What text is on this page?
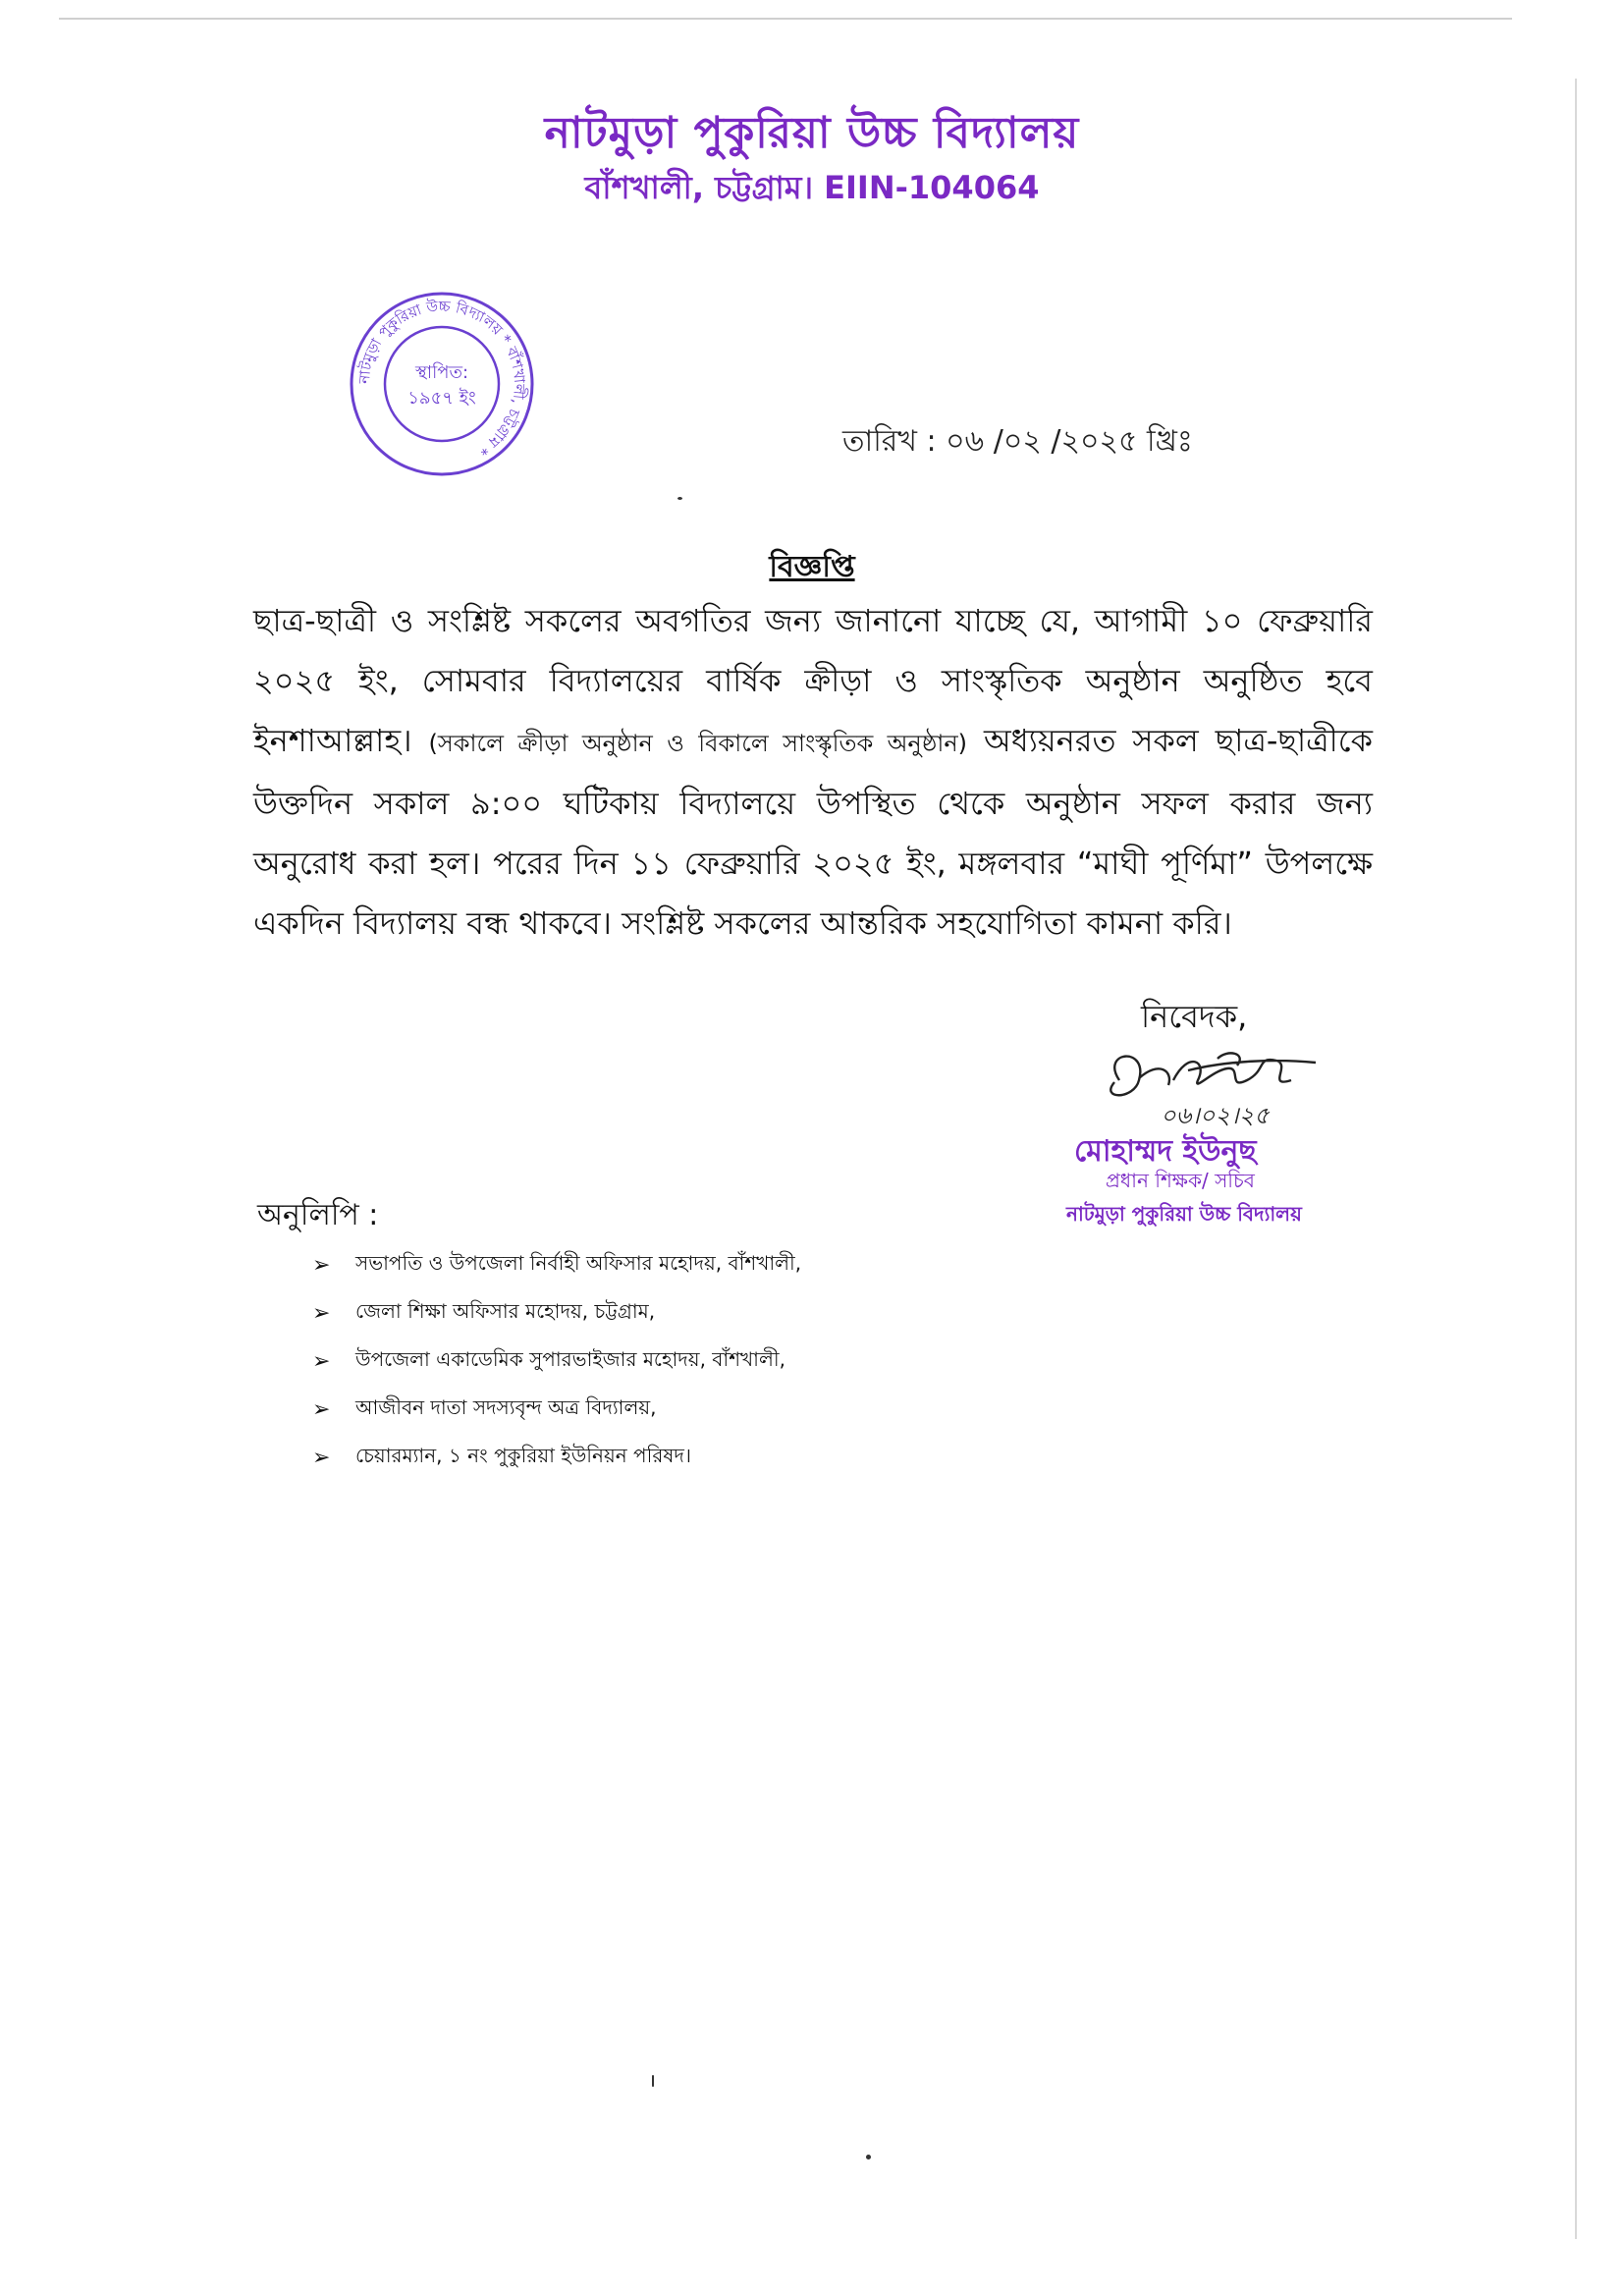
নাটমুড়া পুকুরিয়া উচ্চ বিদ্যালয়
বাঁশখালী, চট্টগ্রাম। EIIN-104064
নাটমুড়া পুকুরিয়া উচ্চ বিদ্যালয় * বাঁশখালী, চট্টগ্রাম *
স্থাপিত:
১৯৫৭ ইং
তারিখ : ০৬ /০২ /২০২৫ খ্রিঃ
বিজ্ঞপ্তি
ছাত্র-ছাত্রী ও সংশ্লিষ্ট সকলের অবগতির জন্য জানানো যাচ্ছে যে, আগামী ১০ ফেব্রুয়ারি ২০২৫ ইং, সোমবার বিদ্যালয়ের বার্ষিক ক্রীড়া ও সাংস্কৃতিক অনুষ্ঠান অনুষ্ঠিত হবে ইনশাআল্লাহ। (সকালে ক্রীড়া অনুষ্ঠান ও বিকালে সাংস্কৃতিক অনুষ্ঠান) অধ্যয়নরত সকল ছাত্র-ছাত্রীকে উক্তদিন সকাল ৯:০০ ঘটিকায় বিদ্যালয়ে উপস্থিত থেকে অনুষ্ঠান সফল করার জন্য অনুরোধ করা হল। পরের দিন ১১ ফেব্রুয়ারি ২০২৫ ইং, মঙ্গলবার “মাঘী পূর্ণিমা” উপলক্ষে একদিন বিদ্যালয় বন্ধ থাকবে। সংশ্লিষ্ট সকলের আন্তরিক সহযোগিতা কামনা করি।
নিবেদক,
০৬।০২।২৫
মোহাম্মদ ইউনুছ
প্রধান শিক্ষক/ সচিব
নাটমুড়া পুকুরিয়া উচ্চ বিদ্যালয়
অনুলিপি :
➢	সভাপতি ও উপজেলা নির্বাহী অফিসার মহোদয়, বাঁশখালী,
➢	জেলা শিক্ষা অফিসার মহোদয়, চট্টগ্রাম,
➢	উপজেলা একাডেমিক সুপারভাইজার মহোদয়, বাঁশখালী,
➢	আজীবন দাতা সদস্যবৃন্দ অত্র বিদ্যালয়,
➢	চেয়ারম্যান, ১ নং পুকুরিয়া ইউনিয়ন পরিষদ।
